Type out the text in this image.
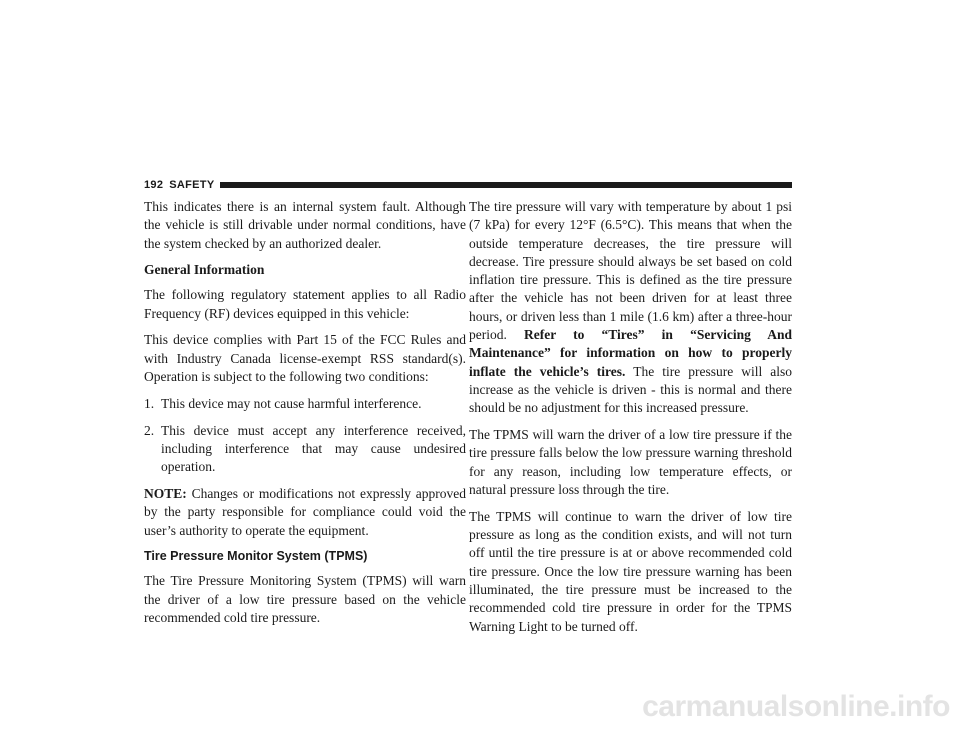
192 SAFETY

This indicates there is an internal system fault. Although the vehicle is still drivable under normal conditions, have the system checked by an authorized dealer.

General Information

The following regulatory statement applies to all Radio Frequency (RF) devices equipped in this vehicle:

This device complies with Part 15 of the FCC Rules and with Industry Canada license-exempt RSS standard(s). Operation is subject to the following two conditions:

1. This device may not cause harmful interference.
2. This device must accept any interference received, including interference that may cause undesired operation.

NOTE: Changes or modifications not expressly approved by the party responsible for compliance could void the user’s authority to operate the equipment.

Tire Pressure Monitor System (TPMS)

The Tire Pressure Monitoring System (TPMS) will warn the driver of a low tire pressure based on the vehicle recommended cold tire pressure.

The tire pressure will vary with temperature by about 1 psi (7 kPa) for every 12°F (6.5°C). This means that when the outside temperature decreases, the tire pressure will decrease. Tire pressure should always be set based on cold inflation tire pressure. This is defined as the tire pressure after the vehicle has not been driven for at least three hours, or driven less than 1 mile (1.6 km) after a three-hour period. Refer to “Tires” in “Servicing And Maintenance” for information on how to properly inflate the vehicle’s tires. The tire pressure will also increase as the vehicle is driven - this is normal and there should be no adjustment for this increased pressure.

The TPMS will warn the driver of a low tire pressure if the tire pressure falls below the low pressure warning threshold for any reason, including low temperature effects, or natural pressure loss through the tire.

The TPMS will continue to warn the driver of low tire pressure as long as the condition exists, and will not turn off until the tire pressure is at or above recommended cold tire pressure. Once the low tire pressure warning has been illuminated, the tire pressure must be increased to the recommended cold tire pressure in order for the TPMS Warning Light to be turned off.

carmanualsonline.info
